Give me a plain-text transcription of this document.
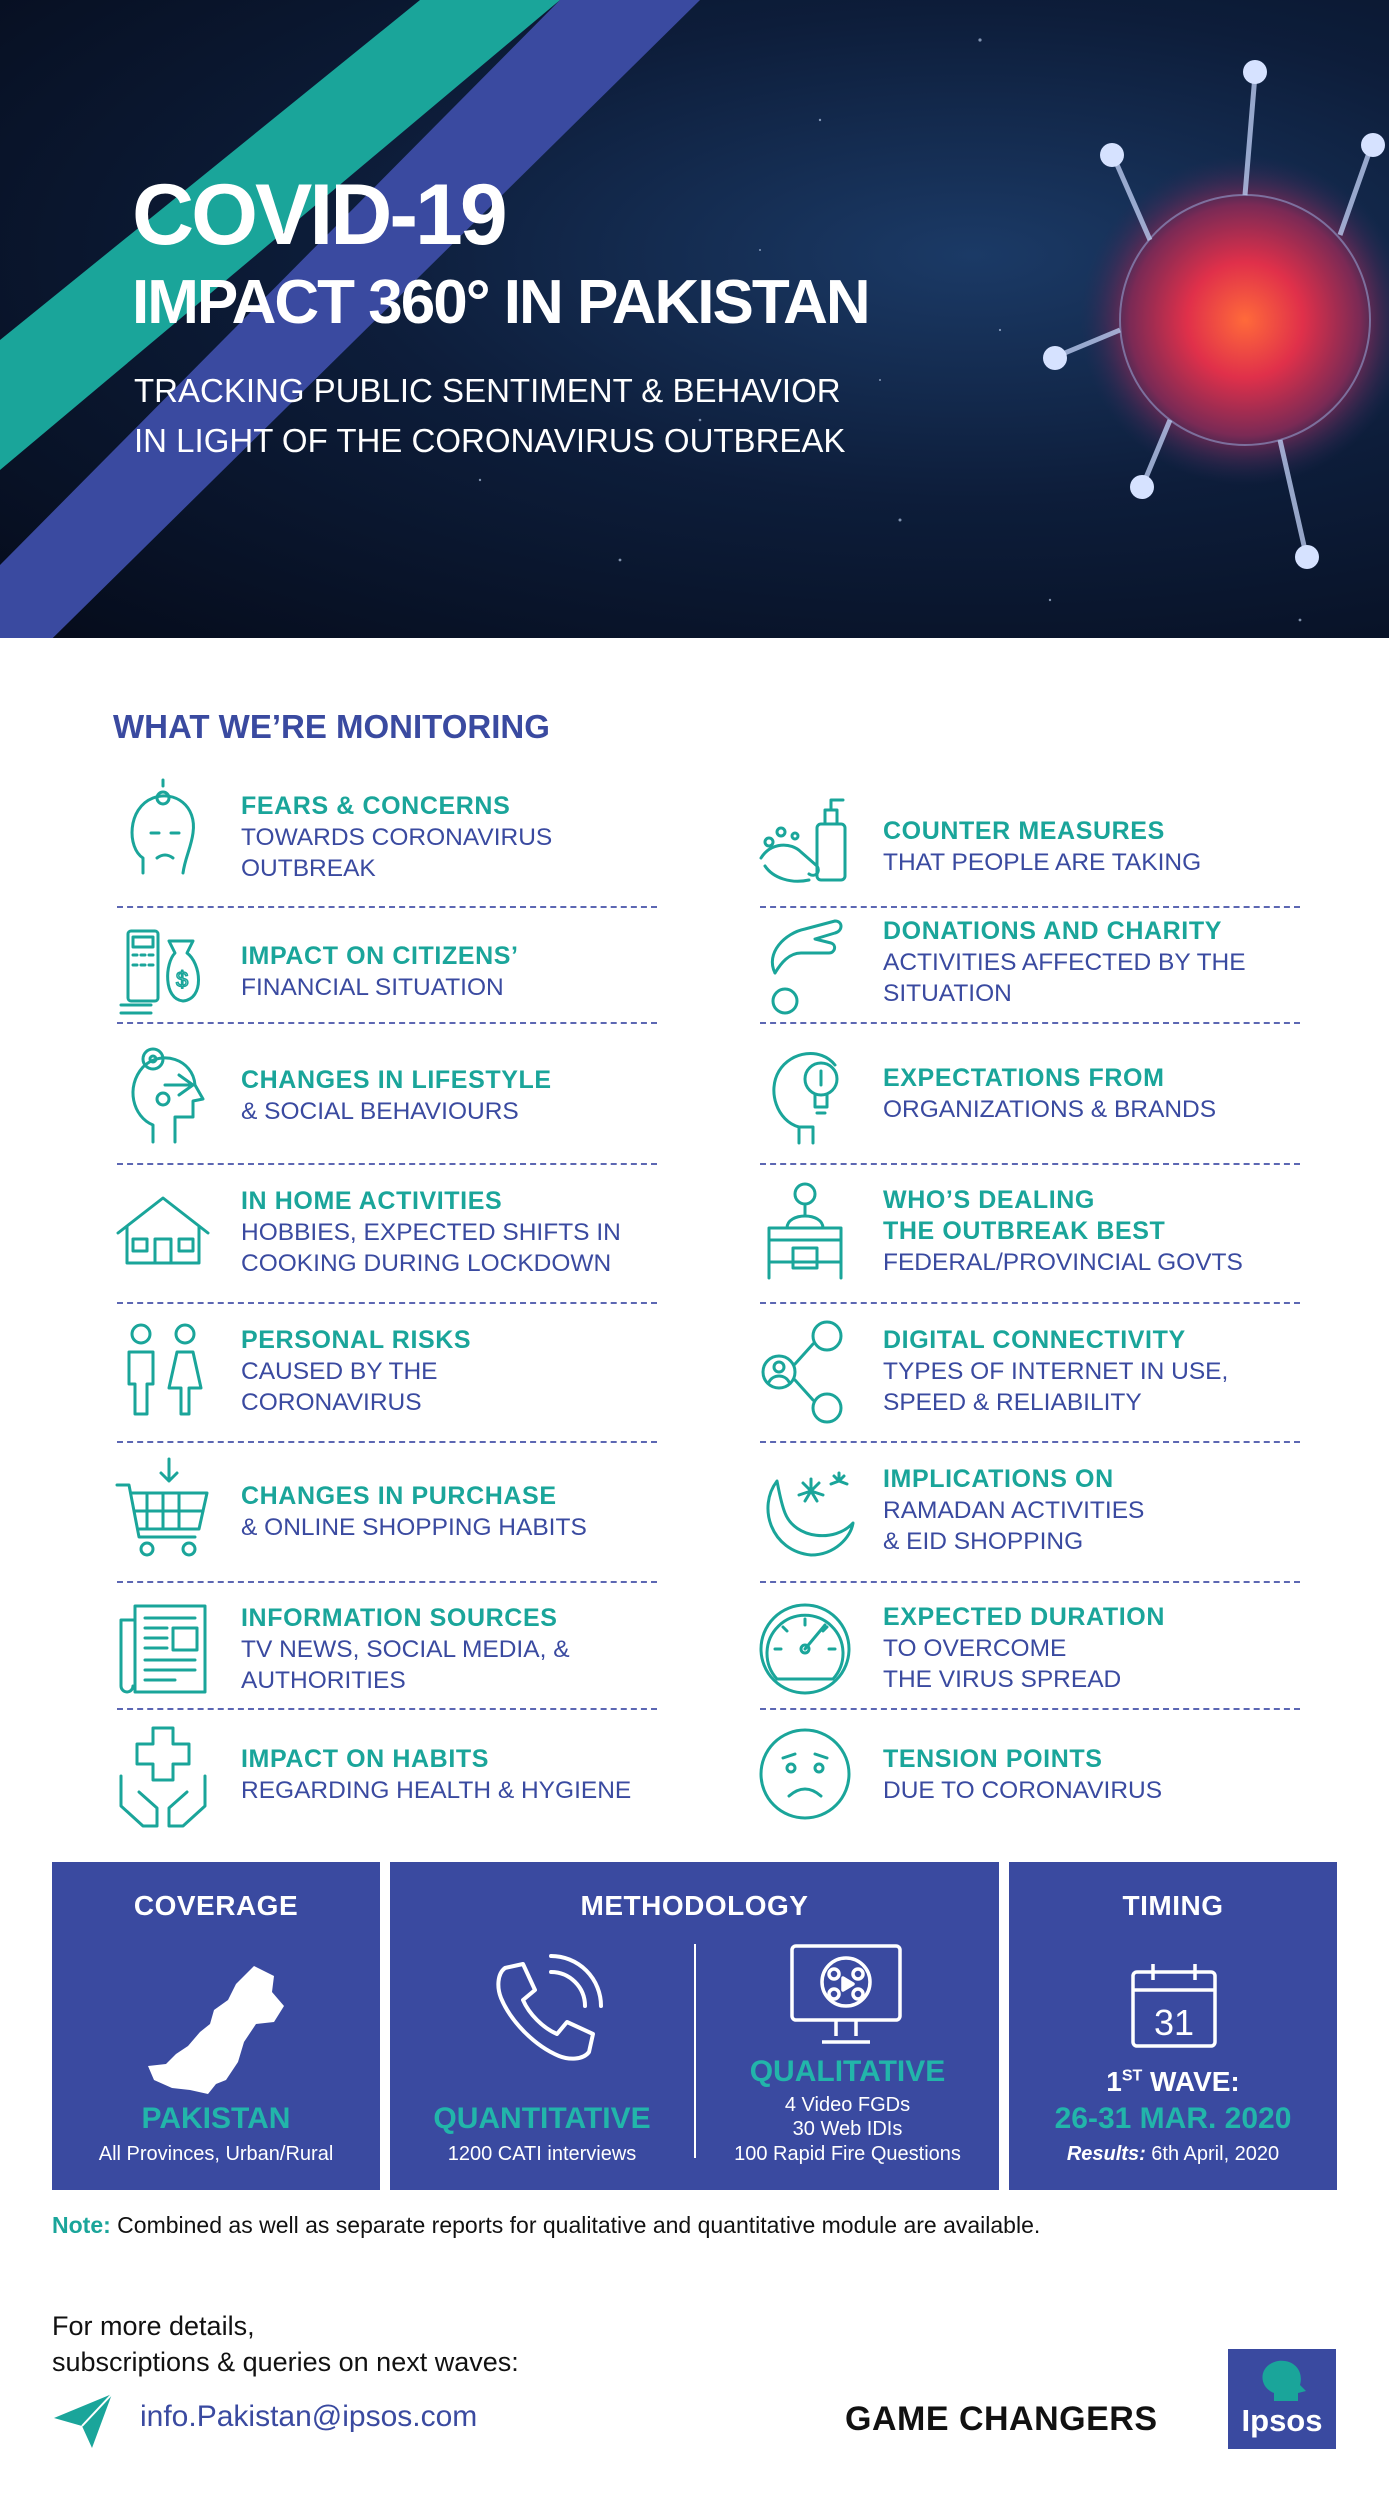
COVID-19
IMPACT 360° IN PAKISTAN
TRACKING PUBLIC SENTIMENT & BEHAVIOR
IN LIGHT OF THE CORONAVIRUS OUTBREAK
WHAT WE’RE MONITORING
FEARS & CONCERNS
TOWARDS CORONAVIRUS
OUTBREAK
$
IMPACT ON CITIZENS’
FINANCIAL SITUATION
CHANGES IN LIFESTYLE
& SOCIAL BEHAVIOURS
IN HOME ACTIVITIES
HOBBIES, EXPECTED SHIFTS IN
COOKING DURING LOCKDOWN
PERSONAL RISKS
CAUSED BY THE
CORONAVIRUS
CHANGES IN PURCHASE
& ONLINE SHOPPING HABITS
INFORMATION SOURCES
TV NEWS, SOCIAL MEDIA, &
AUTHORITIES
IMPACT ON HABITS
REGARDING HEALTH & HYGIENE
COUNTER MEASURES
THAT PEOPLE ARE TAKING
DONATIONS AND CHARITY
ACTIVITIES AFFECTED BY THE
SITUATION
EXPECTATIONS FROM
ORGANIZATIONS & BRANDS
WHO’S DEALING
THE OUTBREAK BEST
FEDERAL/PROVINCIAL GOVTS
DIGITAL CONNECTIVITY
TYPES OF INTERNET IN USE,
SPEED & RELIABILITY
IMPLICATIONS ON
RAMADAN ACTIVITIES
& EID SHOPPING
EXPECTED DURATION
TO OVERCOME
THE VIRUS SPREAD
TENSION POINTS
DUE TO CORONAVIRUS
COVERAGE
PAKISTAN
All Provinces, Urban/Rural
METHODOLOGY
QUANTITATIVE
1200 CATI interviews
QUALITATIVE
4 Video FGDs
30 Web IDIs
100 Rapid Fire Questions
TIMING
31
1ST WAVE:
26-31 MAR. 2020
Results: 6th April, 2020
Note: Combined as well as separate reports for qualitative and quantitative module are available.
For more details,
subscriptions & queries on next waves:
info.Pakistan@ipsos.com	GAME CHANGERS	Ipsos
